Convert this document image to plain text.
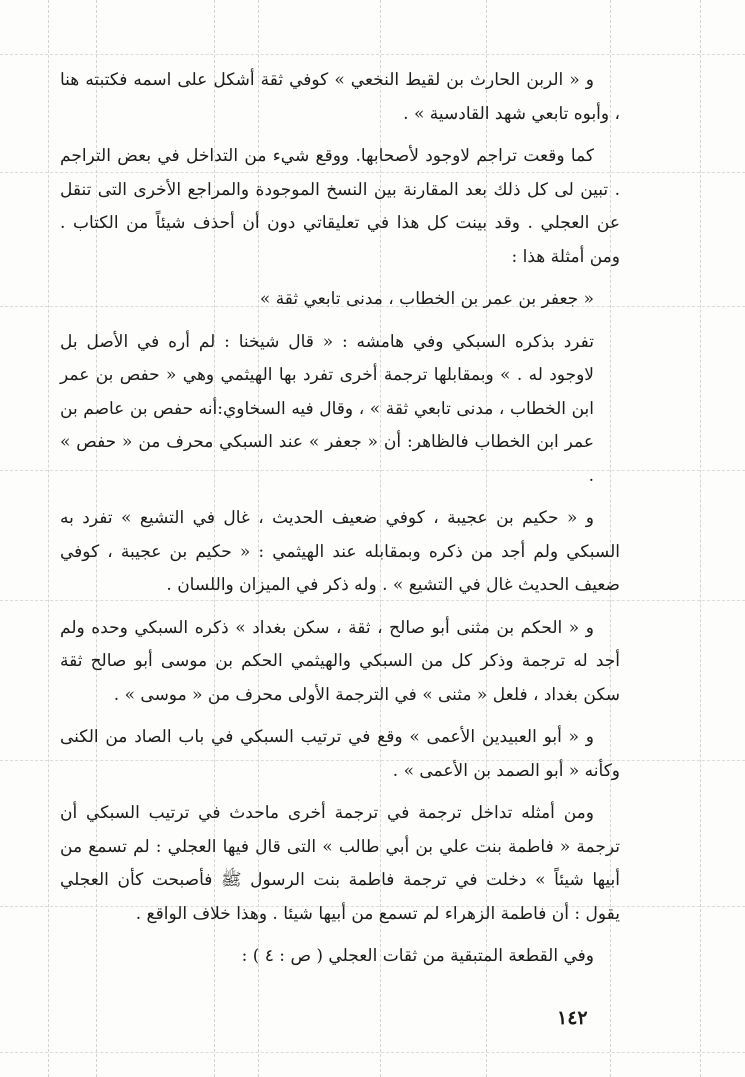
و « الربن الحارث بن لقيط النخعي » كوفي ثقة أشكل على اسمه فكتبته هنا ، وأبوه تابعي شهد القادسية » .

كما وقعت تراجم لاوجود لأصحابها. ووقع شيء من التداخل في بعض التراجم . تبين لى كل ذلك بعد المقارنة بين النسخ الموجودة والمراجع الأخرى التى تنقل عن العجلي . وقد بينت كل هذا في تعليقاتي دون أن أحذف شيئاً من الكتاب . ومن أمثلة هذا :

« جعفر بن عمر بن الخطاب ، مدنى تابعي ثقة »

تفرد بذكره السبكي وفي هامشه : « قال شيخنا : لم أره في الأصل بل لاوجود له . » وبمقابلها ترجمة أخرى تفرد بها الهيثمي وهي « حفص بن عمر ابن الخطاب ، مدنى تابعي ثقة » ، وقال فيه السخاوي:أنه حفص بن عاصم بن عمر ابن الخطاب فالظاهر: أن « جعفر » عند السبكي محرف من « حفص » .

و « حكيم بن عجيبة ، كوفي ضعيف الحديث ، غال في التشيع » تفرد به السبكي ولم أجد من ذكره وبمقابله عند الهيثمي : « حكيم بن عجيبة ، كوفي ضعيف الحديث غال في التشيع » . وله ذكر في الميزان واللسان .

و « الحكم بن مثنى أبو صالح ، ثقة ، سكن بغداد » ذكره السبكي وحده ولم أجد له ترجمة وذكر كل من السبكي والهيثمي الحكم بن موسى أبو صالح ثقة سكن بغداد ، فلعل « مثنى » في الترجمة الأولى محرف من « موسى » .

و « أبو العبيدين الأعمى » وقع في ترتيب السبكي في باب الصاد من الكنى وكأنه « أبو الصمد بن الأعمى » .

ومن أمثله تداخل ترجمة في ترجمة أخرى ماحدث في ترتيب السبكي أن ترجمة « فاطمة بنت علي بن أبي طالب » التى قال فيها العجلي : لم تسمع من أبيها شيئاً » دخلت في ترجمة فاطمة بنت الرسول ﷺ فأصبحت كأن العجلي يقول : أن فاطمة الزهراء لم تسمع من أبيها شيئا . وهذا خلاف الواقع .

وفي القطعة المتبقية من ثقات العجلي ( ص : ٤ ) :

١٤٢
